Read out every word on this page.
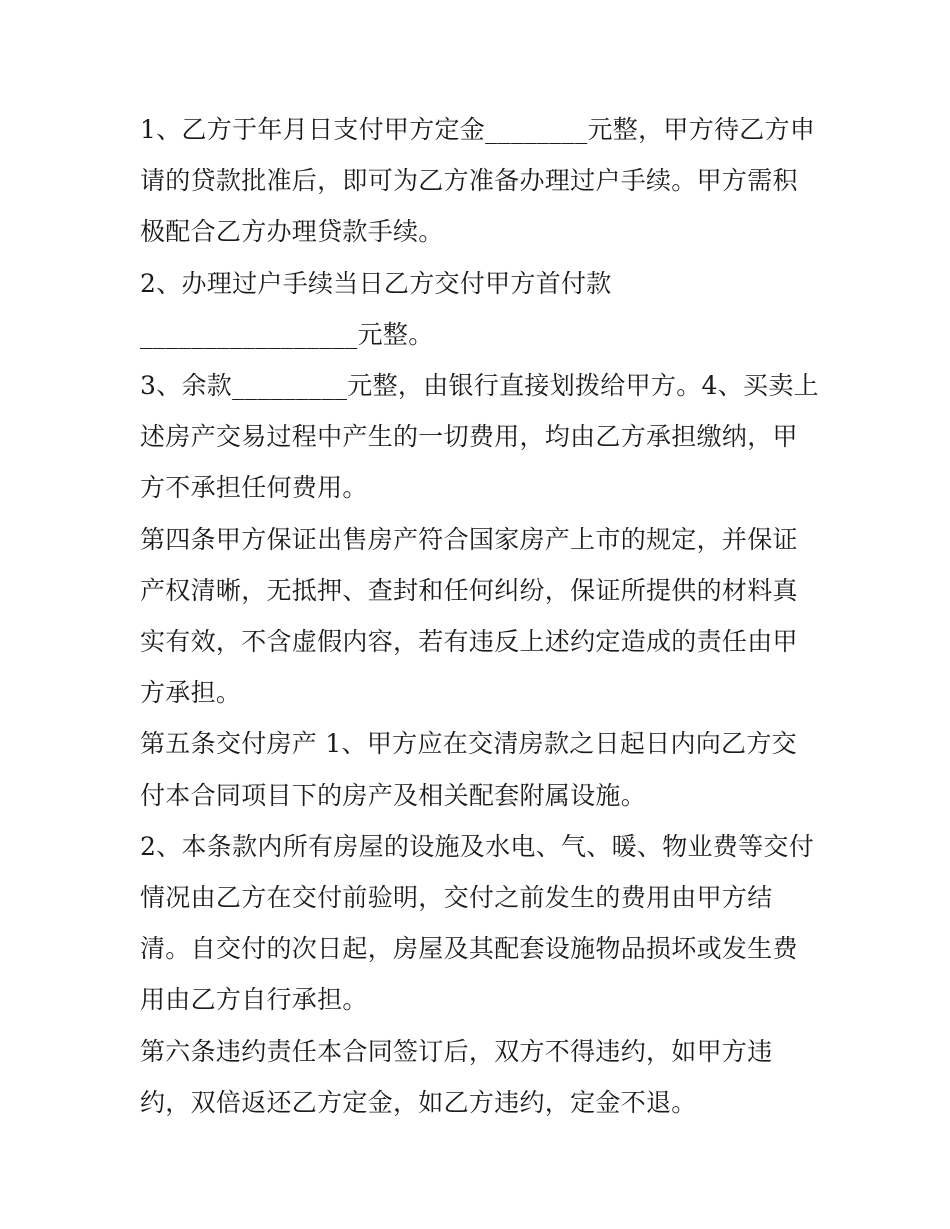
1、乙方于年月日支付甲方定金________元整，甲方待乙方申请的贷款批准后，即可为乙方准备办理过户手续。甲方需积极配合乙方办理贷款手续。

2、办理过户手续当日乙方交付甲方首付款

_________________元整。

3、余款_________元整，由银行直接划拨给甲方。4、买卖上述房产交易过程中产生的一切费用，均由乙方承担缴纳，甲方不承担任何费用。

第四条甲方保证出售房产符合国家房产上市的规定，并保证产权清晰，无抵押、查封和任何纠纷，保证所提供的材料真实有效，不含虚假内容，若有违反上述约定造成的责任由甲方承担。

第五条交付房产 1、甲方应在交清房款之日起日内向乙方交付本合同项目下的房产及相关配套附属设施。

2、本条款内所有房屋的设施及水电、气、暖、物业费等交付情况由乙方在交付前验明，交付之前发生的费用由甲方结清。自交付的次日起，房屋及其配套设施物品损坏或发生费用由乙方自行承担。

第六条违约责任本合同签订后，双方不得违约，如甲方违约，双倍返还乙方定金，如乙方违约，定金不退。
